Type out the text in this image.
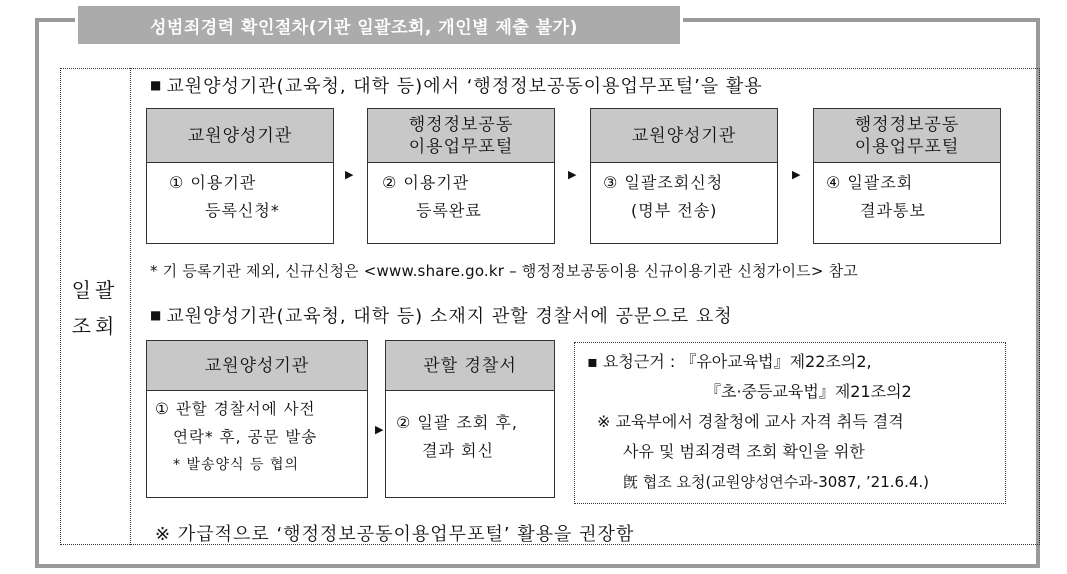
성범죄경력 확인절차(기관 일괄조회, 개인별 제출 불가)
일괄
조회
■ 교원양성기관(교육청, 대학 등)에서 ‘행정정보공동이용업무포털’을 활용
교원양성기관
① 이용기관
등록신청*
▶
행정정보공동
이용업무포털
② 이용기관
등록완료
▶
교원양성기관
③ 일괄조회신청
(명부 전송)
▶
행정정보공동
이용업무포털
④ 일괄조회
결과통보
* 기 등록기관 제외, 신규신청은 <www.share.go.kr – 행정정보공동이용 신규이용기관 신청가이드> 참고
■ 교원양성기관(교육청, 대학 등) 소재지 관할 경찰서에 공문으로 요청
교원양성기관
① 관할 경찰서에 사전
연락* 후, 공문 발송
* 발송양식 등 협의
▶
관할 경찰서
② 일괄 조회 후,
결과 회신
▪ 요청근거 : 『유아교육법』제22조의2,
『초·중등교육법』제21조의2
※ 교육부에서 경찰청에 교사 자격 취득 결격
사유 및 범죄경력 조회 확인을 위한
旣 협조 요청(교원양성연수과-3087, ’21.6.4.)
※ 가급적으로 ‘행정정보공동이용업무포털’ 활용을 권장함
